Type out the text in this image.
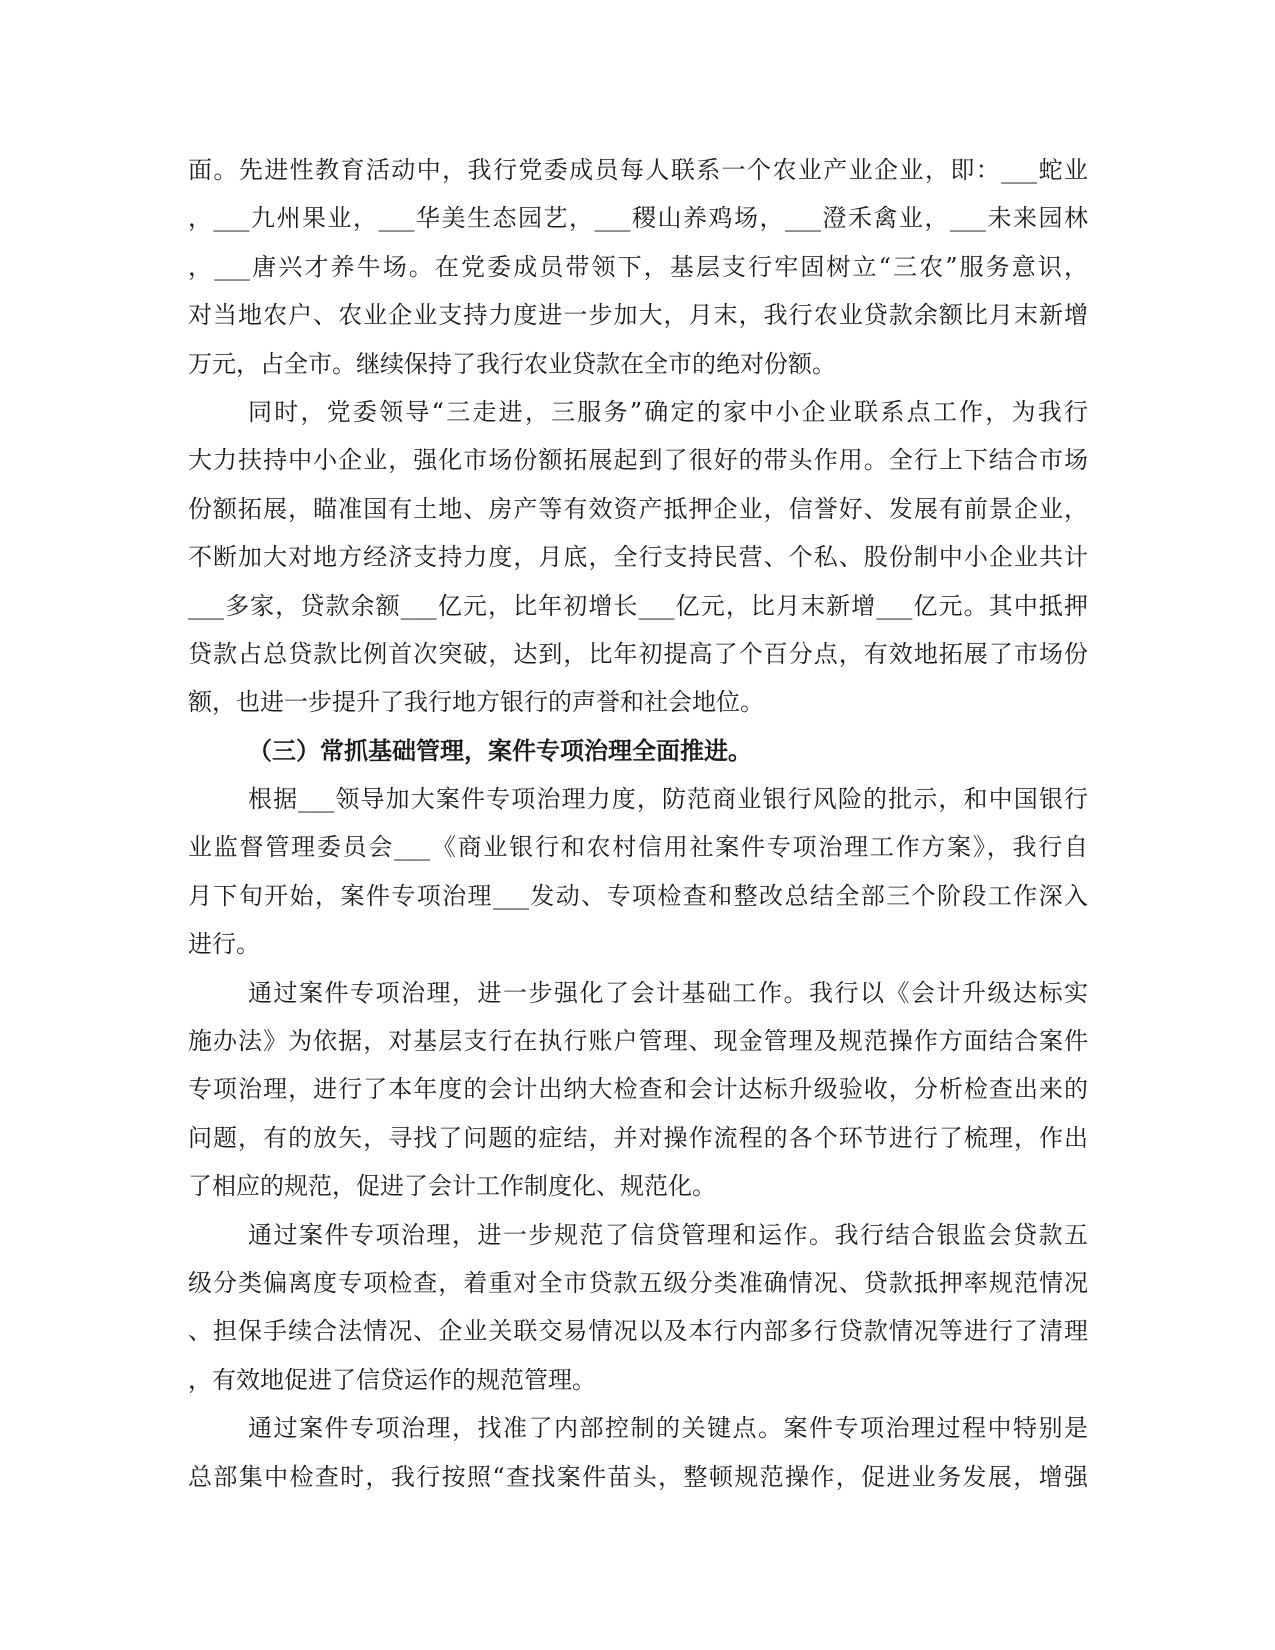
面。先进性教育活动中，我行党委成员每人联系一个农业产业企业，即：___蛇业
，___九州果业，___华美生态园艺，___稷山养鸡场，___澄禾禽业，___未来园林
，___唐兴才养牛场。在党委成员带领下，基层支行牢固树立“三农”服务意识，
对当地农户、农业企业支持力度进一步加大，月末，我行农业贷款余额比月末新增
万元，占全市。继续保持了我行农业贷款在全市的绝对份额。
同时，党委领导“三走进，三服务”确定的家中小企业联系点工作，为我行
大力扶持中小企业，强化市场份额拓展起到了很好的带头作用。全行上下结合市场
份额拓展，瞄准国有土地、房产等有效资产抵押企业，信誉好、发展有前景企业，
不断加大对地方经济支持力度，月底，全行支持民营、个私、股份制中小企业共计
___多家，贷款余额___亿元，比年初增长___亿元，比月末新增___亿元。其中抵押
贷款占总贷款比例首次突破，达到，比年初提高了个百分点，有效地拓展了市场份
额，也进一步提升了我行地方银行的声誉和社会地位。
（三）常抓基础管理，案件专项治理全面推进。
根据___领导加大案件专项治理力度，防范商业银行风险的批示，和中国银行
业监督管理委员会___《商业银行和农村信用社案件专项治理工作方案》，我行自
月下旬开始，案件专项治理___发动、专项检查和整改总结全部三个阶段工作深入
进行。
通过案件专项治理，进一步强化了会计基础工作。我行以《会计升级达标实
施办法》为依据，对基层支行在执行账户管理、现金管理及规范操作方面结合案件
专项治理，进行了本年度的会计出纳大检查和会计达标升级验收，分析检查出来的
问题，有的放矢，寻找了问题的症结，并对操作流程的各个环节进行了梳理，作出
了相应的规范，促进了会计工作制度化、规范化。
通过案件专项治理，进一步规范了信贷管理和运作。我行结合银监会贷款五
级分类偏离度专项检查，着重对全市贷款五级分类准确情况、贷款抵押率规范情况
、担保手续合法情况、企业关联交易情况以及本行内部多行贷款情况等进行了清理
，有效地促进了信贷运作的规范管理。
通过案件专项治理，找准了内部控制的关键点。案件专项治理过程中特别是
总部集中检查时，我行按照“查找案件苗头，整顿规范操作，促进业务发展，增强
